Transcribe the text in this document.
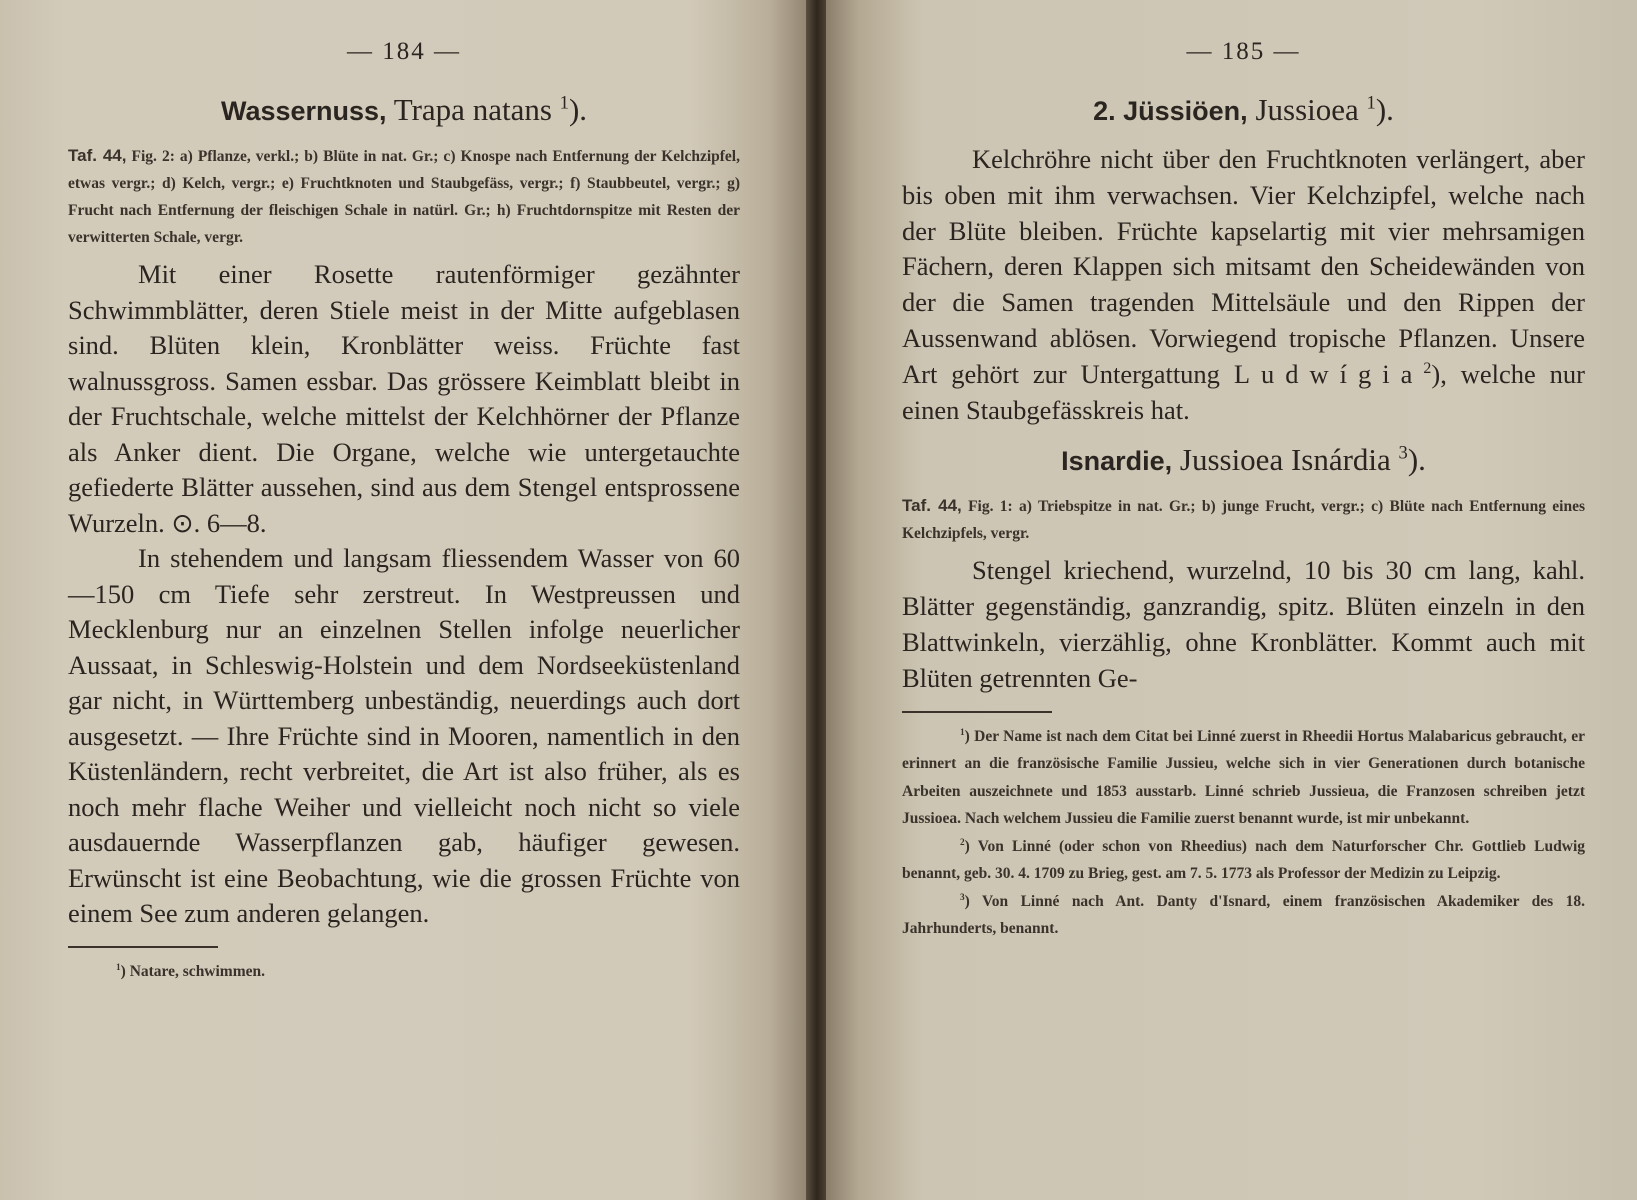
— 184 —
Wassernuss, Trapa natans $^1$).
Taf. 44, Fig. 2: a) Pflanze, verkl.; b) Blüte in nat. Gr.; c) Knospe nach Entfernung der Kelchzipfel, etwas vergr.; d) Kelch, vergr.; e) Fruchtknoten und Staubgefäss, vergr.; f) Staubbeutel, vergr.; g) Frucht nach Entfernung der fleischigen Schale in natürl. Gr.; h) Fruchtdornspitze mit Resten der verwitterten Schale, vergr.

Mit einer Rosette rautenförmiger gezähnter Schwimmblätter, deren Stiele meist in der Mitte aufgeblasen sind. Blüten klein, Kronblätter weiss. Früchte fast walnussgross. Samen essbar. Das grössere Keimblatt bleibt in der Fruchtschale, welche mittelst der Kelchhörner der Pflanze als Anker dient. Die Organe, welche wie untergetauchte gefiederte Blätter aussehen, sind aus dem Stengel entsprossene Wurzeln. ⊙. 6—8.

In stehendem und langsam fliessendem Wasser von 60—150 cm Tiefe sehr zerstreut. In Westpreussen und Mecklenburg nur an einzelnen Stellen infolge neuerlicher Aussaat, in Schleswig-Holstein und dem Nordseeküstenland gar nicht, in Württemberg unbeständig, neuerdings auch dort ausgesetzt. — Ihre Früchte sind in Mooren, namentlich in den Küstenländern, recht verbreitet, die Art ist also früher, als es noch mehr flache Weiher und vielleicht noch nicht so viele ausdauernde Wasserpflanzen gab, häufiger gewesen. Erwünscht ist eine Beobachtung, wie die grossen Früchte von einem See zum anderen gelangen.

$^1$) Natare, schwimmen.

— 185 —
2. Jüssiöen, Jussioea $^1$).

Kelchröhre nicht über den Fruchtknoten verlängert, aber bis oben mit ihm verwachsen. Vier Kelchzipfel, welche nach der Blüte bleiben. Früchte kapselartig mit vier mehrsamigen Fächern, deren Klappen sich mitsamt den Scheidewänden von der die Samen tragenden Mittelsäule und den Rippen der Aussenwand ablösen. Vorwiegend tropische Pflanzen. Unsere Art gehört zur Untergattung Ludwígia$^2$), welche nur einen Staubgefässkreis hat.

Isnardie, Jussioea Isnárdia $^3$).
Taf. 44, Fig. 1: a) Triebspitze in nat. Gr.; b) junge Frucht, vergr.; c) Blüte nach Entfernung eines Kelchzipfels, vergr.

Stengel kriechend, wurzelnd, 10 bis 30 cm lang, kahl. Blätter gegenständig, ganzrandig, spitz. Blüten einzeln in den Blattwinkeln, vierzählig, ohne Kronblätter. Kommt auch mit Blüten getrennten Ge-

$^1$) Der Name ist nach dem Citat bei Linné zuerst in Rheedii Hortus Malabaricus gebraucht, er erinnert an die französische Familie Jussieu, welche sich in vier Generationen durch botanische Arbeiten auszeichnete und 1853 ausstarb. Linné schrieb Jussieua, die Franzosen schreiben jetzt Jussioea. Nach welchem Jussieu die Familie zuerst benannt wurde, ist mir unbekannt.

$^2$) Von Linné (oder schon von Rheedius) nach dem Naturforscher Chr. Gottlieb Ludwig benannt, geb. 30. 4. 1709 zu Brieg, gest. am 7. 5. 1773 als Professor der Medizin zu Leipzig.

$^3$) Von Linné nach Ant. Danty d'Isnard, einem französischen Akademiker des 18. Jahrhunderts, benannt.
